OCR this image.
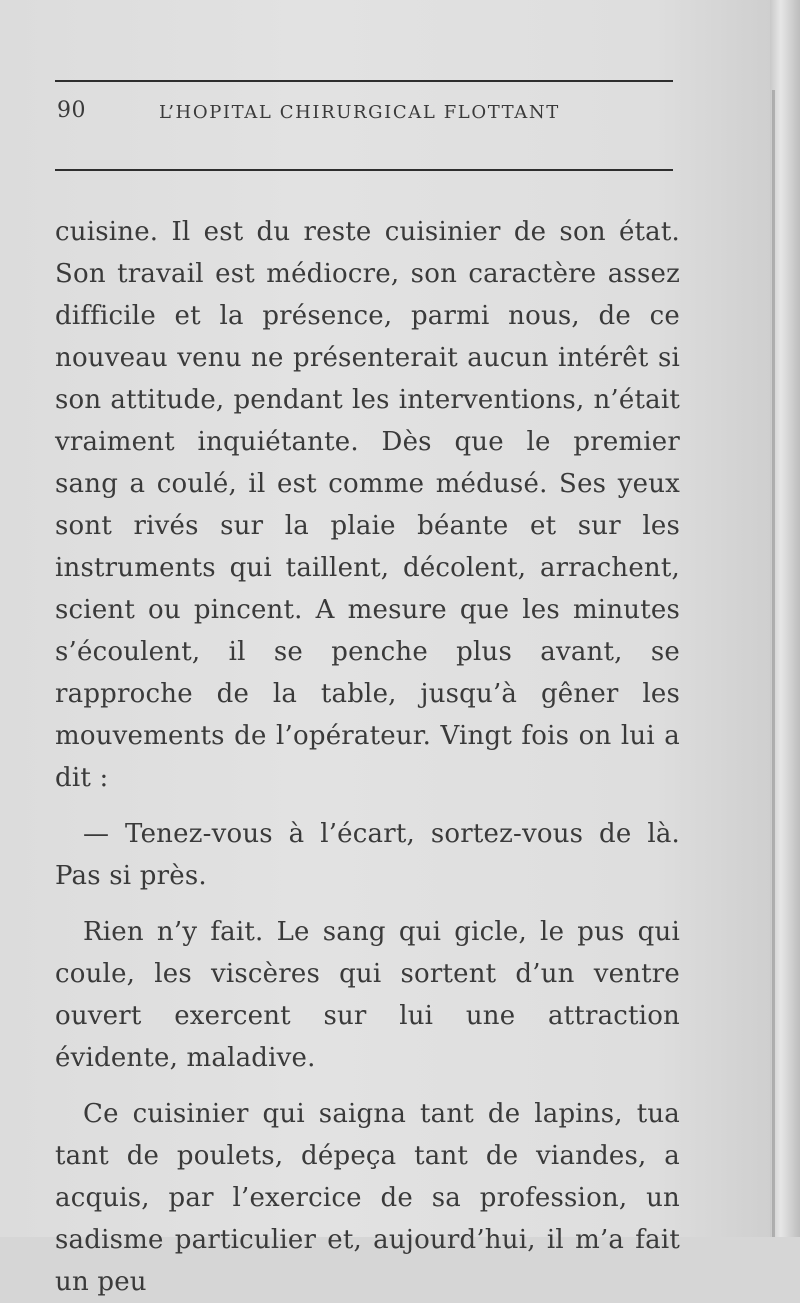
90	L’HOPITAL CHIRURGICAL FLOTTANT

cuisine. Il est du reste cuisinier de son état. Son travail est médiocre, son caractère assez difficile et la présence, parmi nous, de ce nouveau venu ne présenterait aucun intérêt si son attitude, pendant les interventions, n’était vraiment inquiétante. Dès que le premier sang a coulé, il est comme médusé. Ses yeux sont rivés sur la plaie béante et sur les instruments qui taillent, décolent, arrachent, scient ou pincent. A mesure que les minutes s’écoulent, il se penche plus avant, se rapproche de la table, jusqu’à gêner les mouvements de l’opérateur. Vingt fois on lui a dit :

— Tenez-vous à l’écart, sortez-vous de là. Pas si près.

Rien n’y fait. Le sang qui gicle, le pus qui coule, les viscères qui sortent d’un ventre ouvert exercent sur lui une attraction évidente, maladive.

Ce cuisinier qui saigna tant de lapins, tua tant de poulets, dépeça tant de viandes, a acquis, par l’exercice de sa profession, un sadisme particulier et, aujourd’hui, il m’a fait un peu
